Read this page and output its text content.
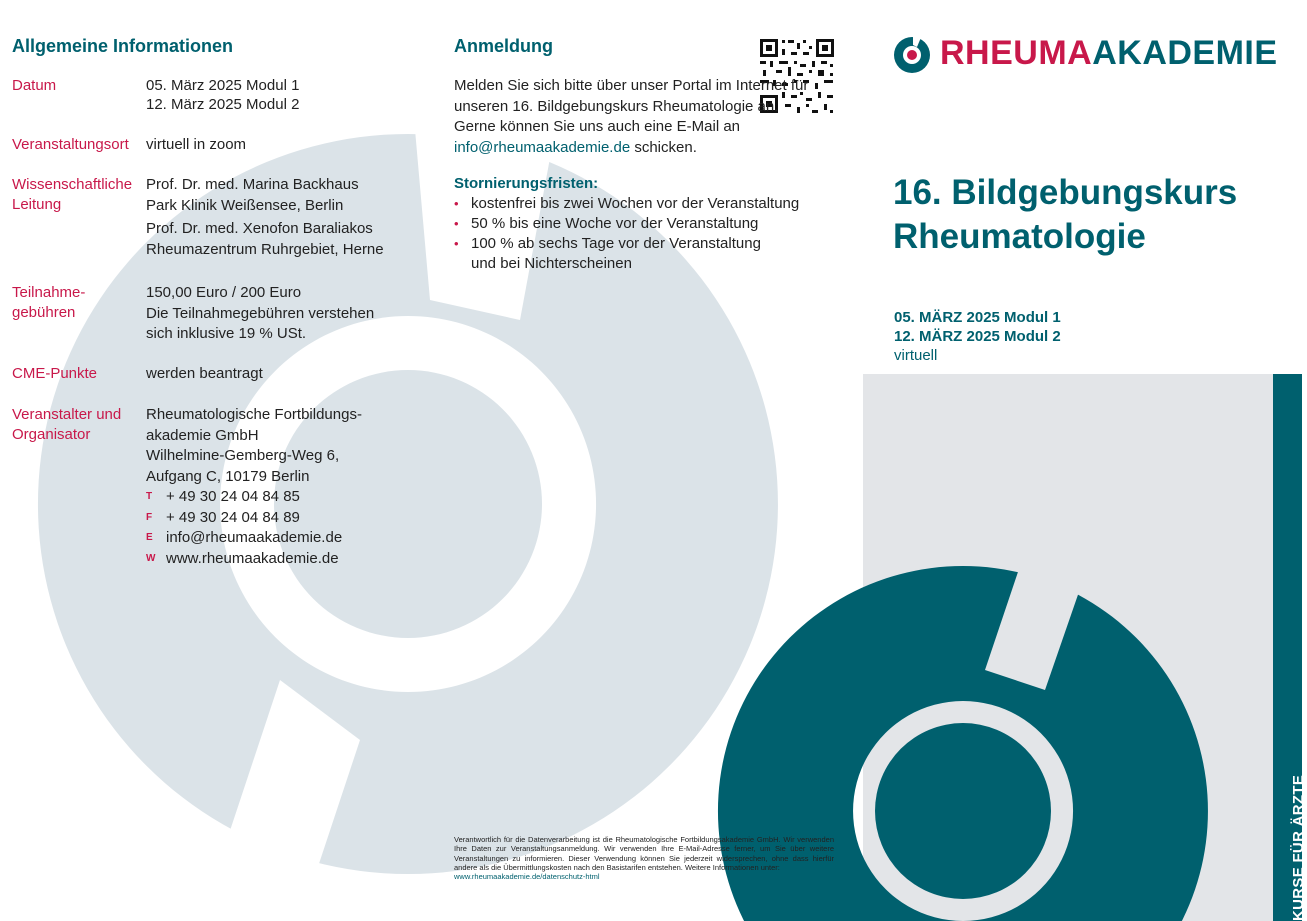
Allgemeine Informationen
Datum	05. März 2025 Modul 1
12. März 2025 Modul 2
Veranstaltungsort virtuell in zoom
Wissenschaftliche
Leitung
Prof. Dr. med. Marina Backhaus
Park Klinik Weißensee, Berlin
Prof. Dr. med. Xenofon Baraliakos
Rheumazentrum Ruhrgebiet, Herne
Teilnahme-
gebühren
150,00 Euro / 200 Euro
Die Teilnahmegebühren verstehen
sich inklusive 19 % USt.
CME-Punkte	werden beantragt
Veranstalter und
Organisator
Rheumatologische Fortbildungs-
akademie GmbH
Wilhelmine-Gemberg-Weg 6,
Aufgang C, 10179 Berlin
T + 49 30 24 04 84 85
F + 49 30 24 04 84 89
E info@rheumaakademie.de
W www.rheumaakademie.de
Anmeldung
Melden Sie sich bitte über unser Portal im Internet für unseren 16. Bildgebungskurs Rheumatologie an. Gerne können Sie uns auch eine E-Mail an info@rheumaakademie.de schicken.
Stornierungsfristen:
• kostenfrei bis zwei Wochen vor der Veranstaltung
• 50 % bis eine Woche vor der Veranstaltung
• 100 % ab sechs Tage vor der Veranstaltung und bei Nichterscheinen
Verantwortlich für die Datenverarbeitung ist die Rheumatologische Fortbildungsakademie GmbH. Wir verwenden Ihre Daten zur Veranstaltungsanmeldung. Wir verwenden Ihre E-Mail-Adresse ferner, um Sie über weitere Veranstaltungen zu informieren. Dieser Verwendung können Sie jederzeit widersprechen, ohne dass hierfür andere als die Übermittlungskosten nach den Basistarifen entstehen. Weitere Informationen unter:
www.rheumaakademie.de/datenschutz-html
RHEUMAAKADEMIE
16. Bildgebungskurs
Rheumatologie
05. MÄRZ 2025 Modul 1
12. MÄRZ 2025 Modul 2
virtuell
KURSE FÜR ÄRZTE
